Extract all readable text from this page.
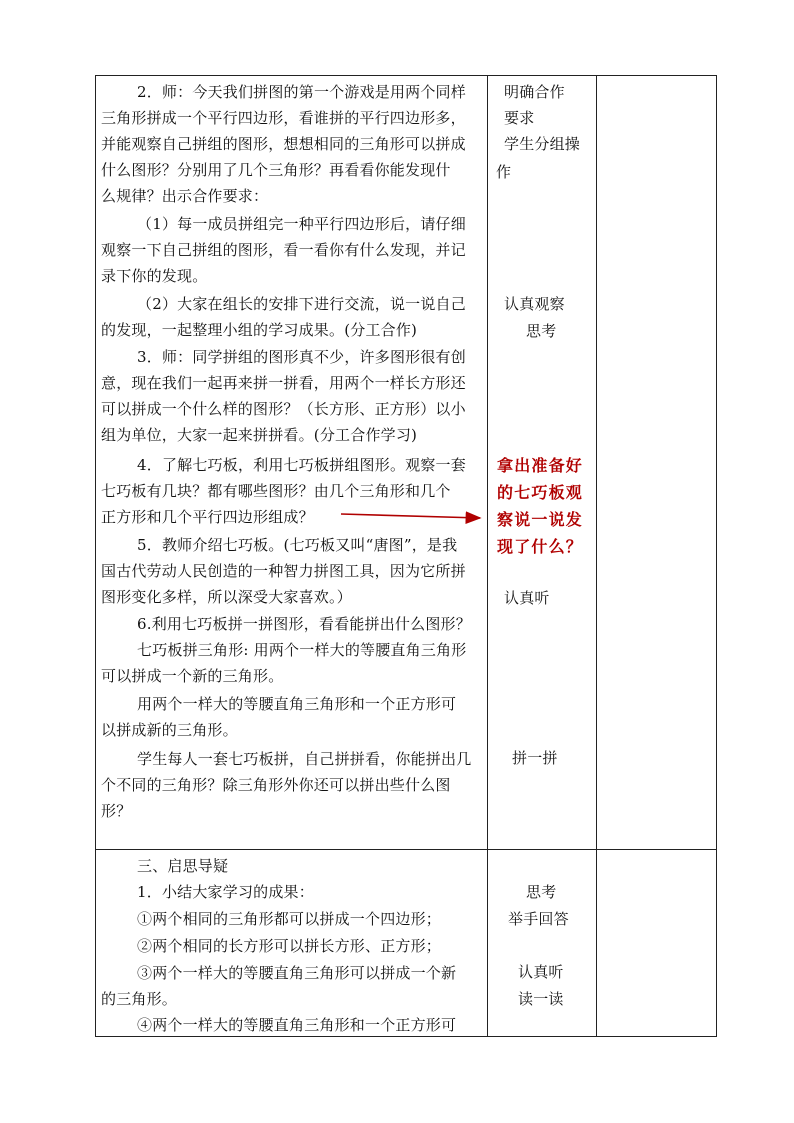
2．师：今天我们拼图的第一个游戏是用两个同样
三角形拼成一个平行四边形，看谁拼的平行四边形多，
并能观察自己拼组的图形，想想相同的三角形可以拼成
什么图形？分别用了几个三角形？再看看你能发现什
么规律？出示合作要求：
（1）每一成员拼组完一种平行四边形后，请仔细
观察一下自己拼组的图形，看一看你有什么发现，并记
录下你的发现。
（2）大家在组长的安排下进行交流，说一说自己
的发现，一起整理小组的学习成果。(分工合作)
3．师：同学拼组的图形真不少，许多图形很有创
意，现在我们一起再来拼一拼看，用两个一样长方形还
可以拼成一个什么样的图形？（长方形、正方形）以小
组为单位，大家一起来拼拼看。(分工合作学习)
4．了解七巧板，利用七巧板拼组图形。观察一套
七巧板有几块？都有哪些图形？由几个三角形和几个
正方形和几个平行四边形组成？
5．教师介绍七巧板。(七巧板又叫“唐图”，是我
国古代劳动人民创造的一种智力拼图工具，因为它所拼
图形变化多样，所以深受大家喜欢。）
6.利用七巧板拼一拼图形，看看能拼出什么图形？
七巧板拼三角形: 用两个一样大的等腰直角三角形
可以拼成一个新的三角形。
用两个一样大的等腰直角三角形和一个正方形可
以拼成新的三角形。
学生每人一套七巧板拼，自己拼拼看，你能拼出几
个不同的三角形？除三角形外你还可以拼出些什么图
形？
明确合作
要求
学生分组操
作
认真观察
思考
拿出准备好
的七巧板观
察说一说发
现了什么？
认真听
拼一拼
三、启思导疑
1．小结大家学习的成果：
①两个相同的三角形都可以拼成一个四边形；
②两个相同的长方形可以拼长方形、正方形；
③两个一样大的等腰直角三角形可以拼成一个新
的三角形。
④两个一样大的等腰直角三角形和一个正方形可
思考
举手回答
认真听
读一读
